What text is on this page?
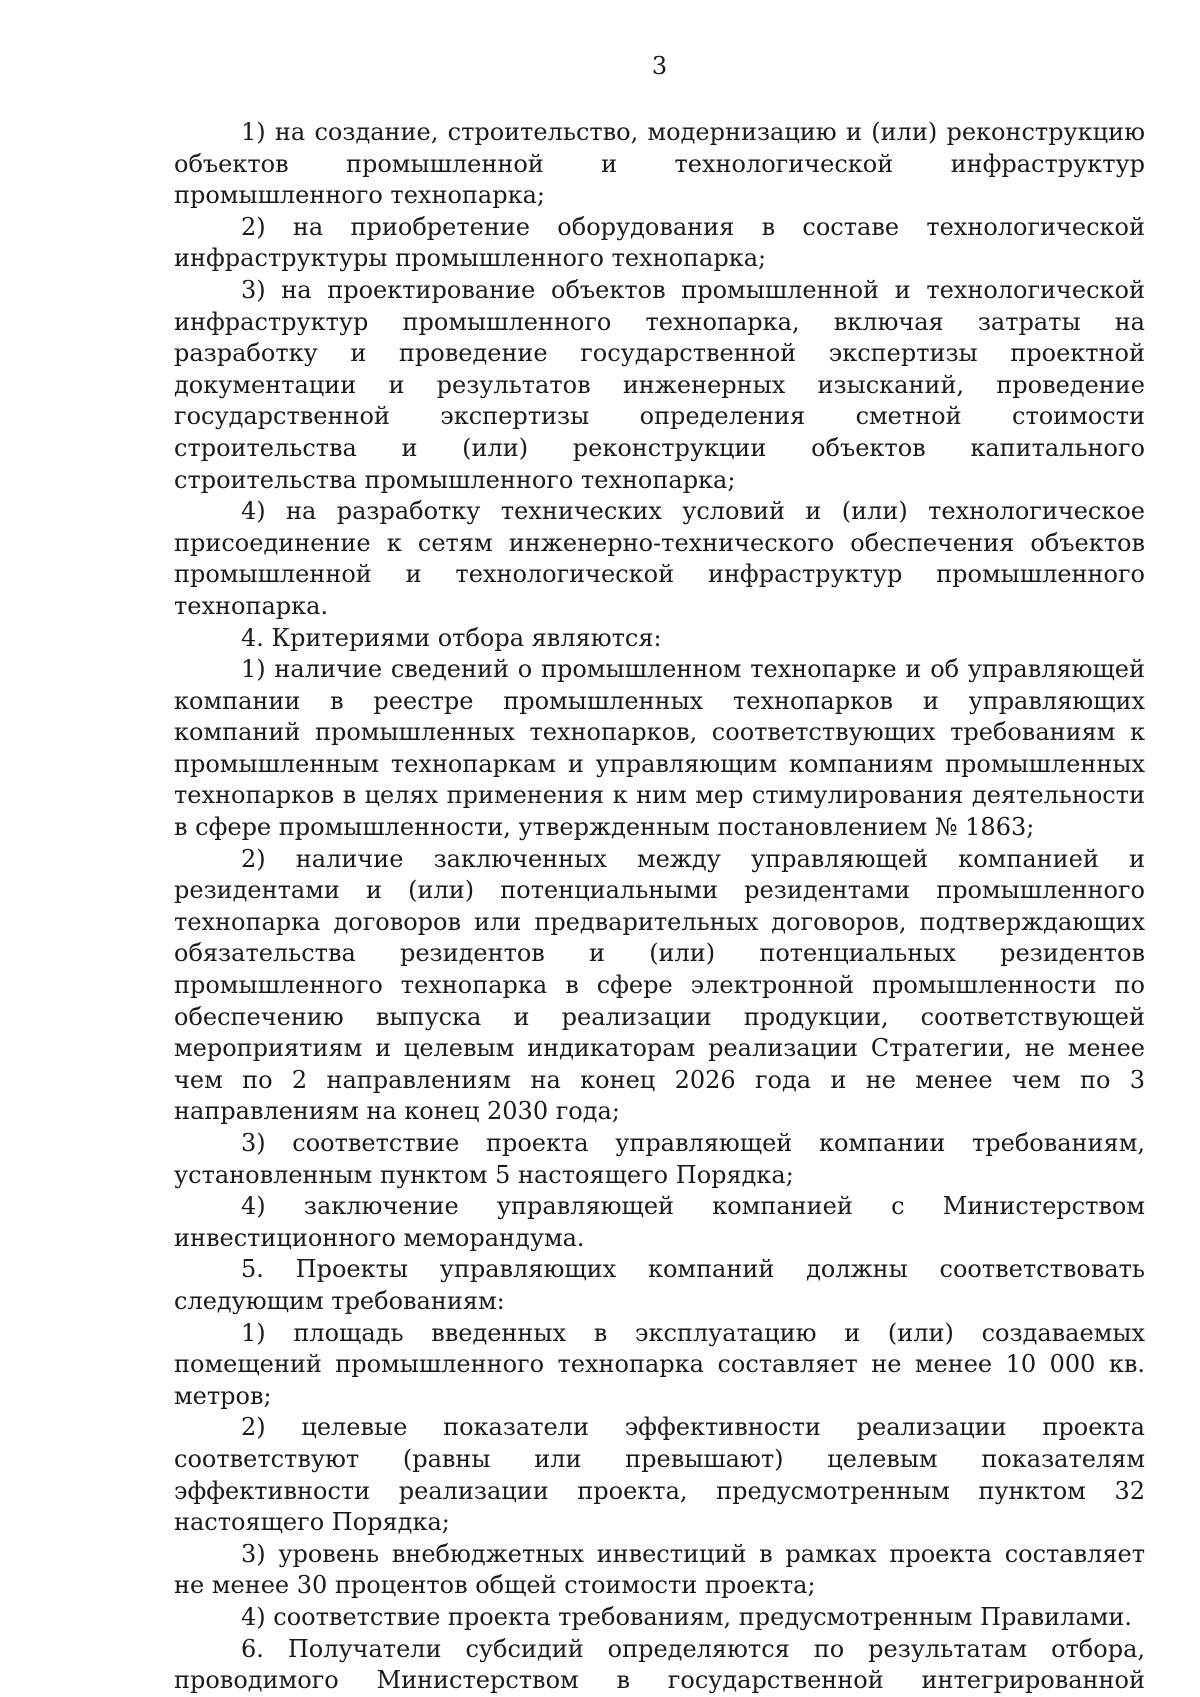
3

1) на создание, строительство, модернизацию и (или) реконструкцию объектов промышленной и технологической инфраструктур промышленного технопарка;

2) на приобретение оборудования в составе технологической инфраструктуры промышленного технопарка;

3) на проектирование объектов промышленной и технологической инфраструктур промышленного технопарка, включая затраты на разработку и проведение государственной экспертизы проектной документации и результатов инженерных изысканий, проведение государственной экспертизы определения сметной стоимости строительства и (или) реконструкции объектов капитального строительства промышленного технопарка;

4) на разработку технических условий и (или) технологическое присоединение к сетям инженерно-технического обеспечения объектов промышленной и технологической инфраструктур промышленного технопарка.

4. Критериями отбора являются:

1) наличие сведений о промышленном технопарке и об управляющей компании в реестре промышленных технопарков и управляющих компаний промышленных технопарков, соответствующих требованиям к промышленным технопаркам и управляющим компаниям промышленных технопарков в целях применения к ним мер стимулирования деятельности в сфере промышленности, утвержденным постановлением № 1863;

2) наличие заключенных между управляющей компанией и резидентами и (или) потенциальными резидентами промышленного технопарка договоров или предварительных договоров, подтверждающих обязательства резидентов и (или) потенциальных резидентов промышленного технопарка в сфере электронной промышленности по обеспечению выпуска и реализации продукции, соответствующей мероприятиям и целевым индикаторам реализации Стратегии, не менее чем по 2 направлениям на конец 2026 года и не менее чем по 3 направлениям на конец 2030 года;

3) соответствие проекта управляющей компании требованиям, установленным пунктом 5 настоящего Порядка;

4) заключение управляющей компанией с Министерством инвестиционного меморандума.

5. Проекты управляющих компаний должны соответствовать следующим требованиям:

1) площадь введенных в эксплуатацию и (или) создаваемых помещений промышленного технопарка составляет не менее 10 000 кв. метров;

2) целевые показатели эффективности реализации проекта соответствуют (равны или превышают) целевым показателям эффективности реализации проекта, предусмотренным пунктом 32 настоящего Порядка;

3) уровень внебюджетных инвестиций в рамках проекта составляет не менее 30 процентов общей стоимости проекта;

4) соответствие проекта требованиям, предусмотренным Правилами.

6. Получатели субсидий определяются по результатам отбора, проводимого Министерством в государственной интегрированной
